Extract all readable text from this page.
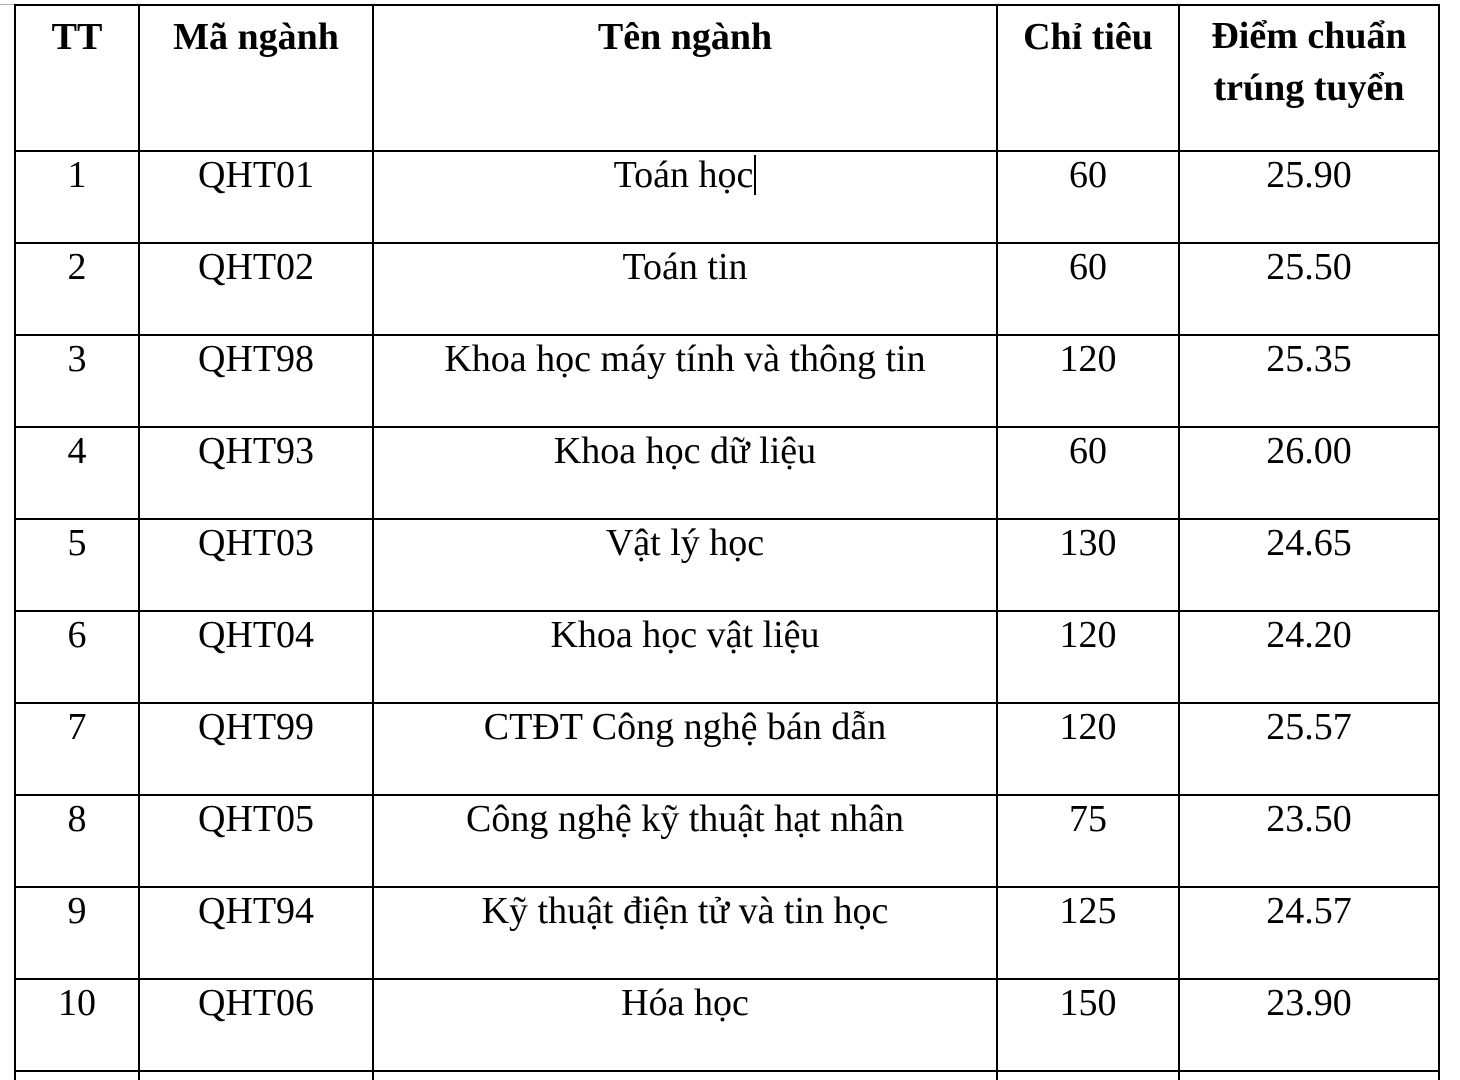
TT	Mã ngành	Tên ngành	Chỉ tiêu	Điểm chuẩn
trúng tuyển
1	QHT01	Toán học	60	25.90
2	QHT02	Toán tin	60	25.50
3	QHT98	Khoa học máy tính và thông tin	120	25.35
4	QHT93	Khoa học dữ liệu	60	26.00
5	QHT03	Vật lý học	130	24.65
6	QHT04	Khoa học vật liệu	120	24.20
7	QHT99	CTĐT Công nghệ bán dẫn	120	25.57
8	QHT05	Công nghệ kỹ thuật hạt nhân	75	23.50
9	QHT94	Kỹ thuật điện tử và tin học	125	24.57
10	QHT06	Hóa học	150	23.90
